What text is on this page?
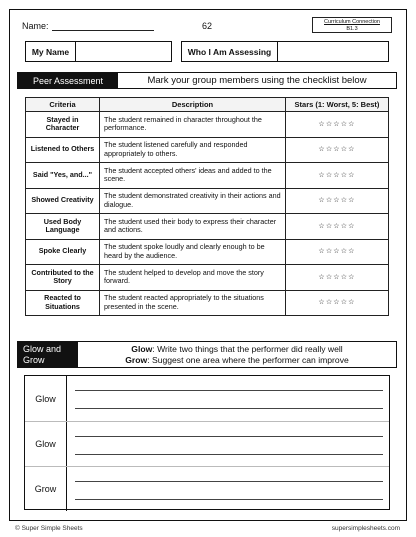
Name:	62	Curriculum Connection
B1.3
My Name	Who I Am Assessing
Peer Assessment	Mark your group members using the checklist below
Criteria	Description	Stars (1: Worst, 5: Best)
Stayed in Character	The student remained in character throughout the performance.	☆☆☆☆☆
Listened to Others	The student listened carefully and responded appropriately to others.	☆☆☆☆☆
Said "Yes, and..."	The student accepted others' ideas and added to the scene.	☆☆☆☆☆
Showed Creativity	The student demonstrated creativity in their actions and dialogue.	☆☆☆☆☆
Used Body Language	The student used their body to express their character and actions.	☆☆☆☆☆
Spoke Clearly	The student spoke loudly and clearly enough to be heard by the audience.	☆☆☆☆☆
Contributed to the Story	The student helped to develop and move the story forward.	☆☆☆☆☆
Reacted to Situations	The student reacted appropriately to the situations presented in the scene.	☆☆☆☆☆
Glow and
Grow
Glow: Write two things that the performer did really well
Grow: Suggest one area where the performer can improve
Glow
Glow
Grow
© Super Simple Sheets	supersimplesheets.com
